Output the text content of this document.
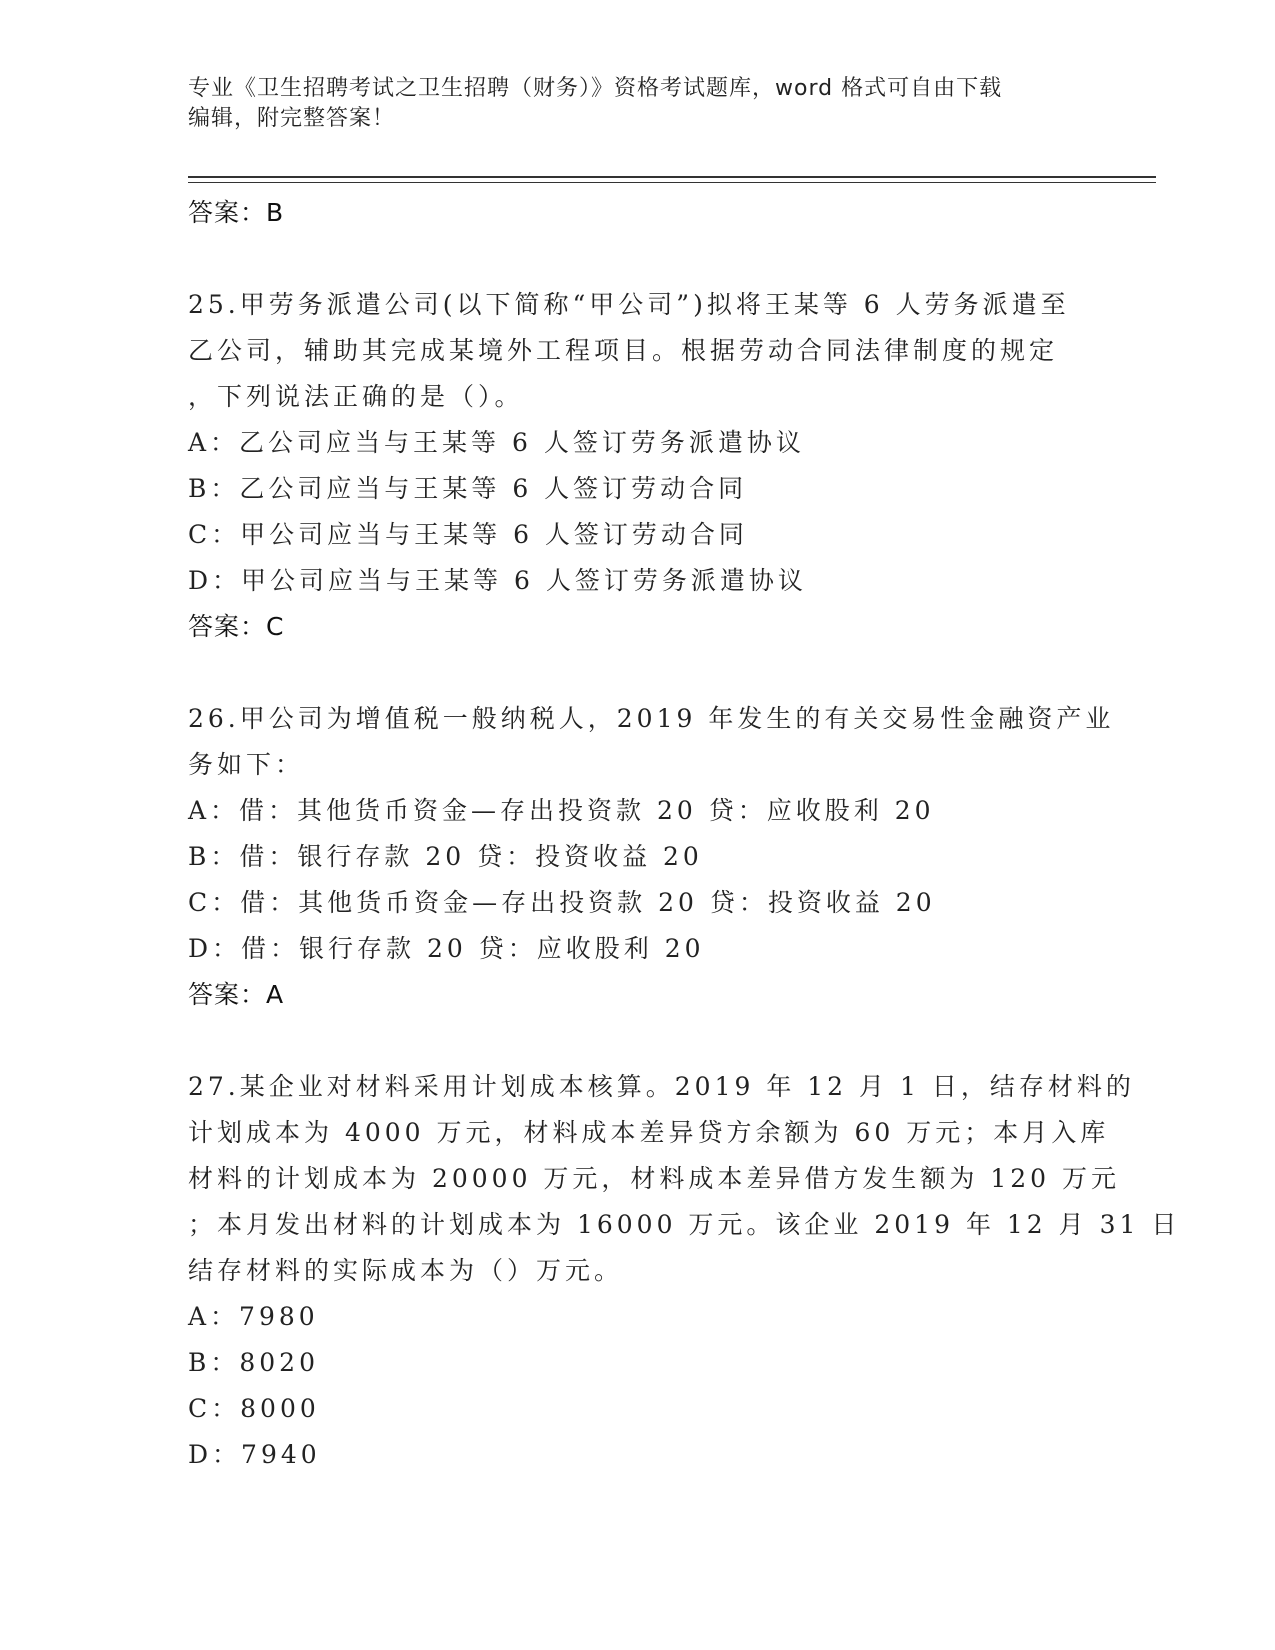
专业《卫生招聘考试之卫生招聘（财务）》资格考试题库，word 格式可自由下载
编辑，附完整答案！
答案：B
25.甲劳务派遣公司(以下简称“甲公司”)拟将王某等 6 人劳务派遣至
乙公司，辅助其完成某境外工程项目。根据劳动合同法律制度的规定
，下列说法正确的是（）。
A：乙公司应当与王某等 6 人签订劳务派遣协议
B：乙公司应当与王某等 6 人签订劳动合同
C：甲公司应当与王某等 6 人签订劳动合同
D：甲公司应当与王某等 6 人签订劳务派遣协议
答案：C
26.甲公司为增值税一般纳税人，2019 年发生的有关交易性金融资产业
务如下：
A：借：其他货币资金—存出投资款 20 贷：应收股利 20
B：借：银行存款 20 贷：投资收益 20
C：借：其他货币资金—存出投资款 20 贷：投资收益 20
D：借：银行存款 20 贷：应收股利 20
答案：A
27.某企业对材料采用计划成本核算。2019 年 12 月 1 日，结存材料的
计划成本为 4000 万元，材料成本差异贷方余额为 60 万元；本月入库
材料的计划成本为 20000 万元，材料成本差异借方发生额为 120 万元
；本月发出材料的计划成本为 16000 万元。该企业 2019 年 12 月 31 日
结存材料的实际成本为（）万元。
A：7980
B：8020
C：8000
D：7940
